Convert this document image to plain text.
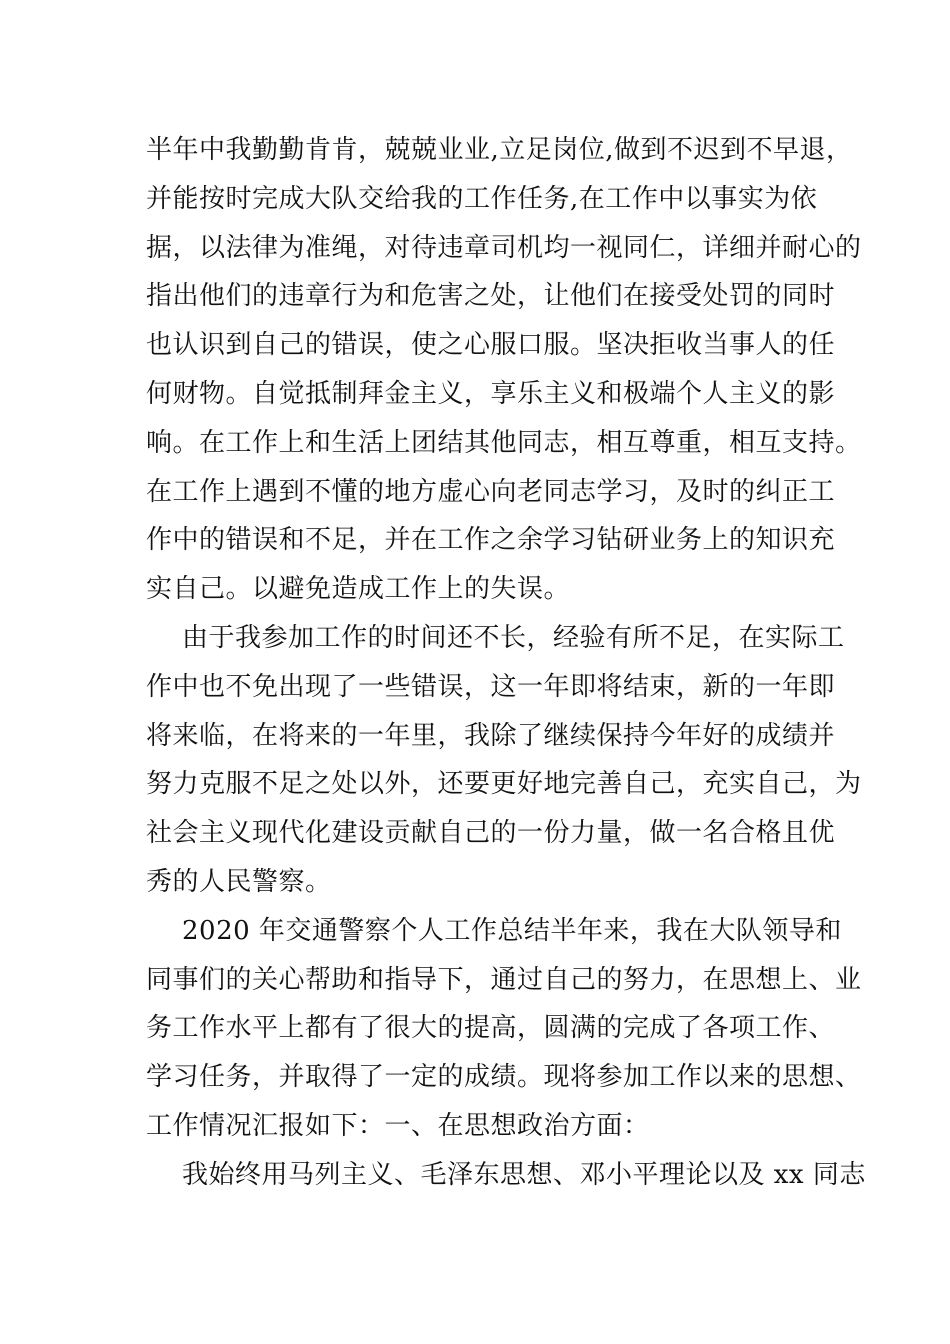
半年中我勤勤肯肯，兢兢业业,立足岗位,做到不迟到不早退，
并能按时完成大队交给我的工作任务,在工作中以事实为依
据，以法律为准绳，对待违章司机均一视同仁，详细并耐心的
指出他们的违章行为和危害之处，让他们在接受处罚的同时
也认识到自己的错误，使之心服口服。坚决拒收当事人的任
何财物。自觉抵制拜金主义，享乐主义和极端个人主义的影
响。在工作上和生活上团结其他同志，相互尊重，相互支持。
在工作上遇到不懂的地方虚心向老同志学习，及时的纠正工
作中的错误和不足，并在工作之余学习钻研业务上的知识充
实自己。以避免造成工作上的失误。
由于我参加工作的时间还不长，经验有所不足，在实际工
作中也不免出现了一些错误，这一年即将结束，新的一年即
将来临，在将来的一年里，我除了继续保持今年好的成绩并
努力克服不足之处以外，还要更好地完善自己，充实自己，为
社会主义现代化建设贡献自己的一份力量，做一名合格且优
秀的人民警察。
2020 年交通警察个人工作总结半年来，我在大队领导和
同事们的关心帮助和指导下，通过自己的努力，在思想上、业
务工作水平上都有了很大的提高，圆满的完成了各项工作、
学习任务，并取得了一定的成绩。现将参加工作以来的思想、
工作情况汇报如下：一、在思想政治方面：
我始终用马列主义、毛泽东思想、邓小平理论以及 xx 同志
